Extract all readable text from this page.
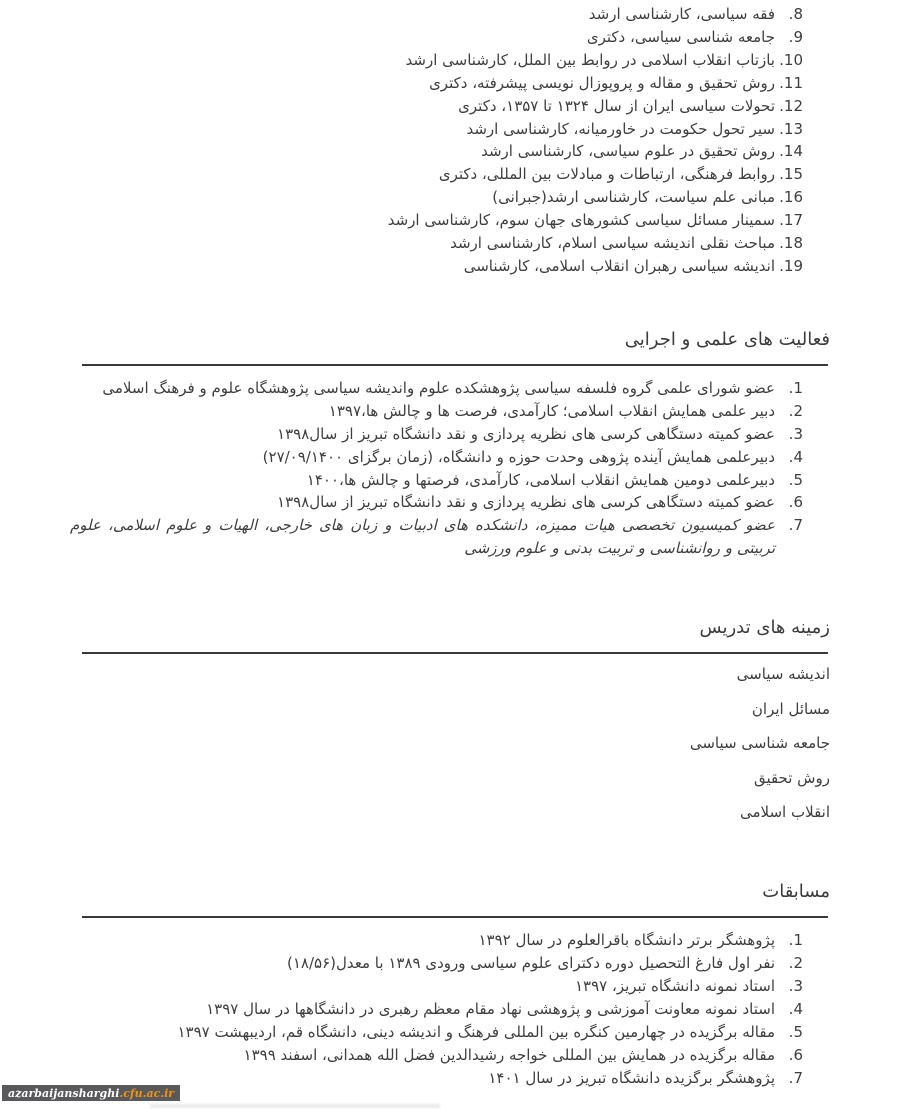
8.
فقه سیاسی، کارشناسی ارشد
9.
جامعه شناسی سیاسی، دکتری
10.
بازتاب انقلاب اسلامی در روابط بین الملل، کارشناسی ارشد
11.
روش تحقیق و مقاله و پروپوزال نویسی پیشرفته، دکتری
12.
تحولات سیاسی ایران از سال ۱۳۲۴ تا ۱۳۵۷، دکتری
13.
سیر تحول حکومت در خاورمیانه، کارشناسی ارشد
14.
روش تحقیق در علوم سیاسی، کارشناسی ارشد
15.
روابط فرهنگی، ارتباطات و مبادلات بین المللی، دکتری
16.
مبانی علم سیاست، کارشناسی ارشد(جبرانی)
17.
سمینار مسائل سیاسی کشورهای جهان سوم، کارشناسی ارشد
18.
مباحث نقلی اندیشه سیاسی اسلام، کارشناسی ارشد
19.
اندیشه سیاسی رهبران انقلاب اسلامی، کارشناسی
فعالیت های علمی و اجرایی
1.
عضو شورای علمی گروه فلسفه سیاسی پژوهشکده علوم واندیشه سیاسی پژوهشگاه علوم و فرهنگ اسلامی
2.
دبیر علمی همایش انقلاب اسلامی؛ کارآمدی، فرصت ها و چالش ها،۱۳۹۷
3.
عضو کمیته دستگاهی کرسی های نظریه پردازی و نقد دانشگاه تبریز از سال۱۳۹۸
4.
دبیرعلمی همایش آینده پژوهی وحدت حوزه و دانشگاه، (زمان برگزای ۲۷/۰۹/۱۴۰۰)
5.
دبیرعلمی دومین همایش انقلاب اسلامی، کارآمدی، فرصتها و چالش ها،۱۴۰۰
6.
عضو کمیته دستگاهی کرسی های نظریه پردازی و نقد دانشگاه تبریز از سال۱۳۹۸
7.
عضو کمیسیون تخصصی هیات ممیزه، دانشکده های ادبیات و زبان های خارجی، الهیات و علوم اسلامی، علوم تربیتی و روانشناسی و تربیت بدنی و علوم ورزشی
زمینه های تدریس

اندیشه سیاسی

مسائل ایران

جامعه شناسی سیاسی

روش تحقیق

انقلاب اسلامی

مسابقات
1.
پژوهشگر برتر دانشگاه باقرالعلوم در سال ۱۳۹۲
2.
نفر اول فارغ التحصیل دوره دکترای علوم سیاسی ورودی ۱۳۸۹ با معدل(۱۸/۵۶)
3.
استاد نمونه دانشگاه تبریز، ۱۳۹۷
4.
استاد نمونه معاونت آموزشی و پژوهشی نهاد مقام معظم رهبری در دانشگاهها در سال ۱۳۹۷
5.
مقاله برگزیده در چهارمین کنگره بین المللی فرهنگ و اندیشه دینی، دانشگاه قم، اردیبهشت ۱۳۹۷
6.
مقاله برگزیده در همایش بین المللی خواجه رشیدالدین فضل الله همدانی، اسفند ۱۳۹۹
7.
پژوهشگر برگزیده دانشگاه تبریز در سال ۱۴۰۱
azarbaijansharghi .cfu.ac.ir
